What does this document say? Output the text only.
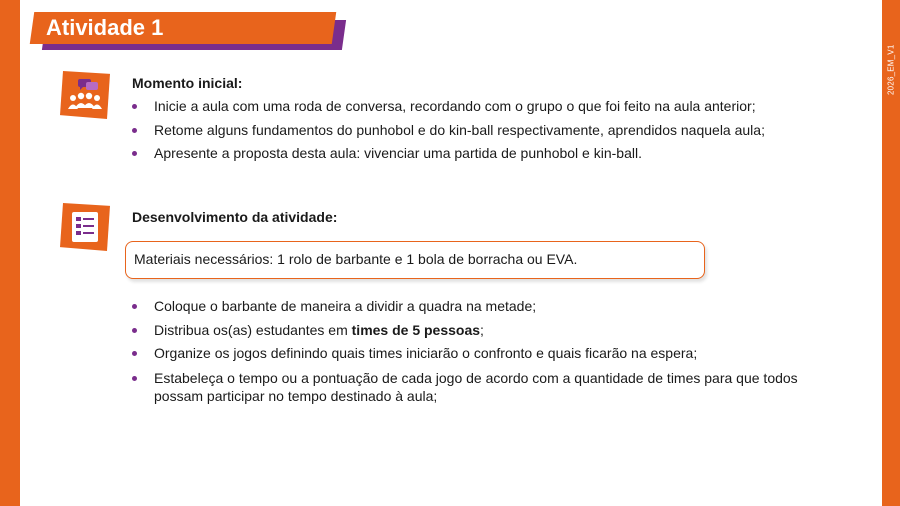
2026_EM_V1
Atividade 1
Momento inicial:
Inicie a aula com uma roda de conversa, recordando com o grupo o que foi feito na aula anterior;
Retome alguns fundamentos do punhobol e do kin-ball respectivamente, aprendidos naquela aula;
Apresente a proposta desta aula: vivenciar uma partida de punhobol e kin-ball.
Desenvolvimento da atividade:
Materiais necessários: 1 rolo de barbante e 1 bola de borracha ou EVA.
Coloque o barbante de maneira a dividir a quadra na metade;
Distribua os(as) estudantes em times de 5 pessoas;
Organize os jogos definindo quais times iniciarão o confronto e quais ficarão na espera;
Estabeleça o tempo ou a pontuação de cada jogo de acordo com a quantidade de times para que todos possam participar no tempo destinado à aula;
